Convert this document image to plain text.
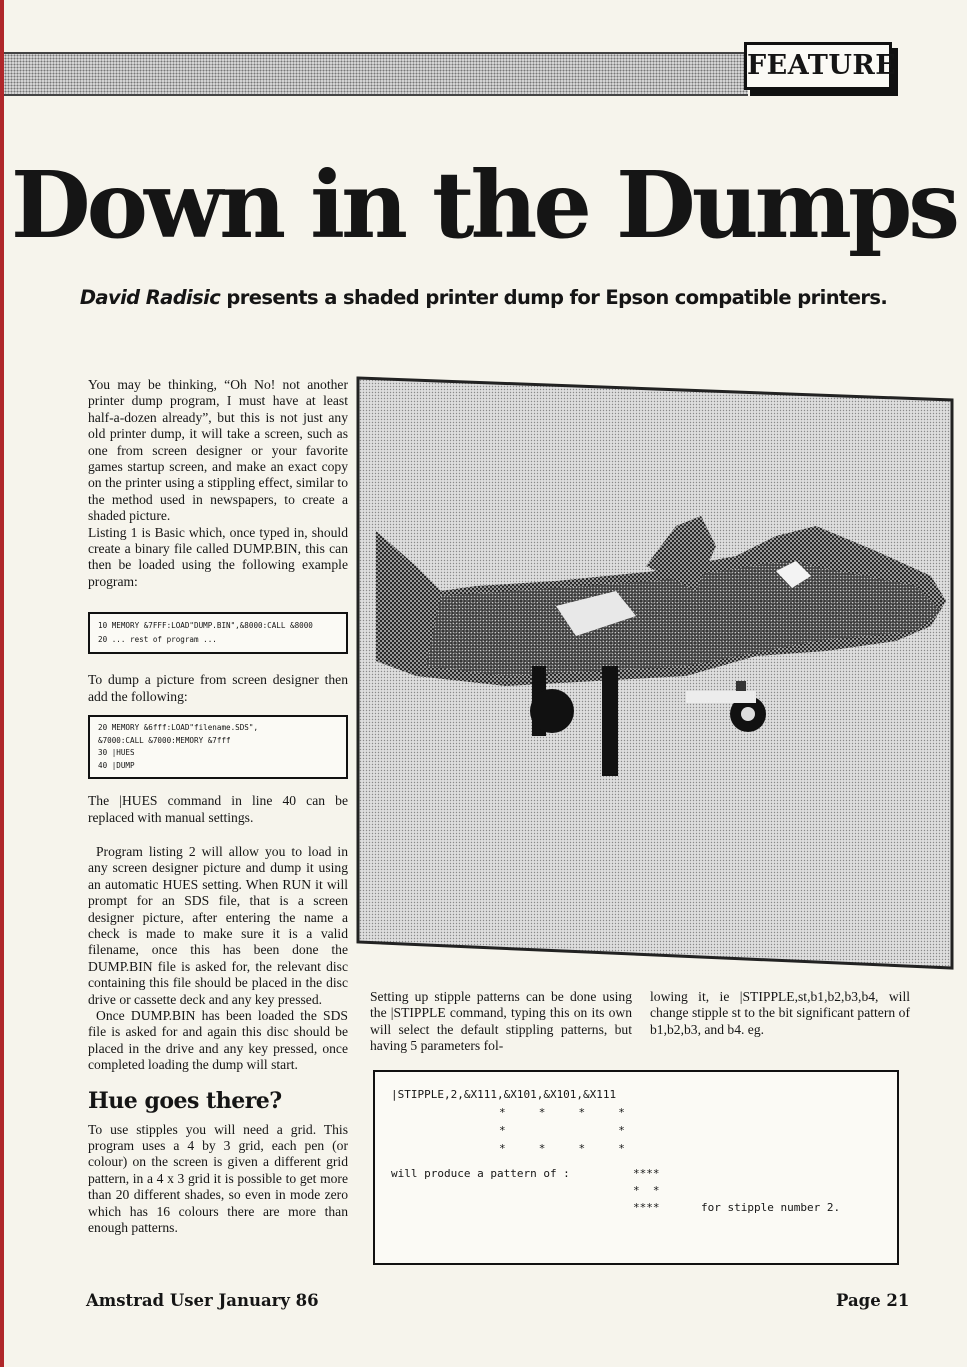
FEATURE
Down in the Dumps
David Radisic presents a shaded printer dump for Epson compatible printers.

You may be thinking, “Oh No! not another printer dump program, I must have at least half-a-dozen already”, but this is not just any old printer dump, it will take a screen, such as one from screen designer or your favorite games startup screen, and make an exact copy on the printer using a stippling effect, similar to the method used in newspapers, to create a shaded picture.

Listing 1 is Basic which, once typed in, should create a binary file called DUMP.BIN, this can then be loaded using the following example program:

10 MEMORY &7FFF:LOAD"DUMP.BIN",&8000:CALL &8000
20 ... rest of program ...

To dump a picture from screen designer then add the following:

20 MEMORY &6fff:LOAD"filename.SDS",
&7000:CALL &7000:MEMORY &7fff
30 |HUES
40 |DUMP

The |HUES command in line 40 can be replaced with manual settings.

Program listing 2 will allow you to load in any screen designer picture and dump it using an automatic HUES setting. When RUN it will prompt for an SDS file, that is a screen designer picture, after entering the name a check is made to make sure it is a valid filename, once this has been done the DUMP.BIN file is asked for, the relevant disc containing this file should be placed in the disc drive or cassette deck and any key pressed.

Once DUMP.BIN has been loaded the SDS file is asked for and again this disc should be placed in the drive and any key pressed, once completed loading the dump will start.

Hue goes there?

To use stipples you will need a grid. This program uses a 4 by 3 grid, each pen (or colour) on the screen is given a different grid pattern, in a 4 x 3 grid it is possible to get more than 20 different shades, so even in mode zero which has 16 colours there are more than enough patterns.

Setting up stipple patterns can be done using the |STIPPLE command, typing this on its own will select the default stippling patterns, but having 5 parameters fol-

lowing it, ie |STIPPLE,st,b1,b2,b3,b4, will change stipple st to the bit significant pattern of b1,b2,b3, and b4. eg.

|STIPPLE,2,&X111,&X101,&X101,&X111
*     *     *     *
*                 *
*     *     *     *
will produce a pattern of :	****
*  *
****	for stipple number 2.
Amstrad User January 86	Page 21
